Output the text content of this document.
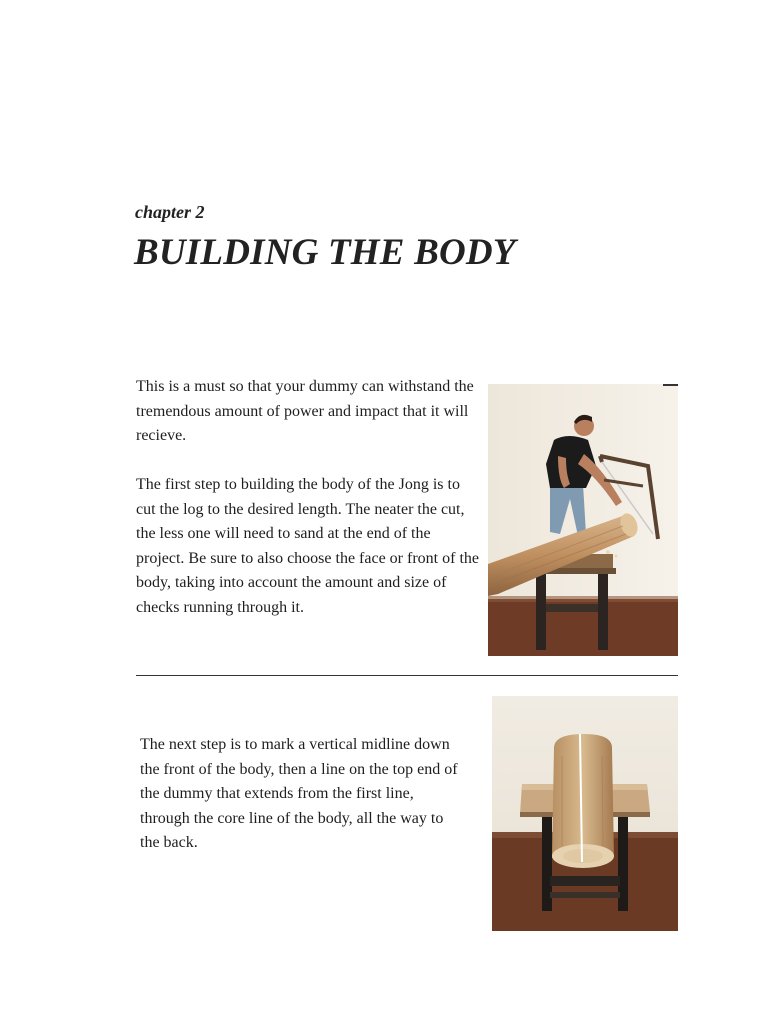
chapter 2
BUILDING THE BODY

This is a must so that your dummy can withstand the tremendous amount of power and impact that it will recieve.

The first step to building the body of the Jong is to cut the log to the desired length. The neater the cut, the less one will need to sand at the end of the project. Be sure to also choose the face or front of the body, taking into account the amount and size of checks running through it.

The next step is to mark a vertical midline down the front of the body, then a line on the top end of the dummy that extends from the first line, through the core line of the body, all the way to the back.
